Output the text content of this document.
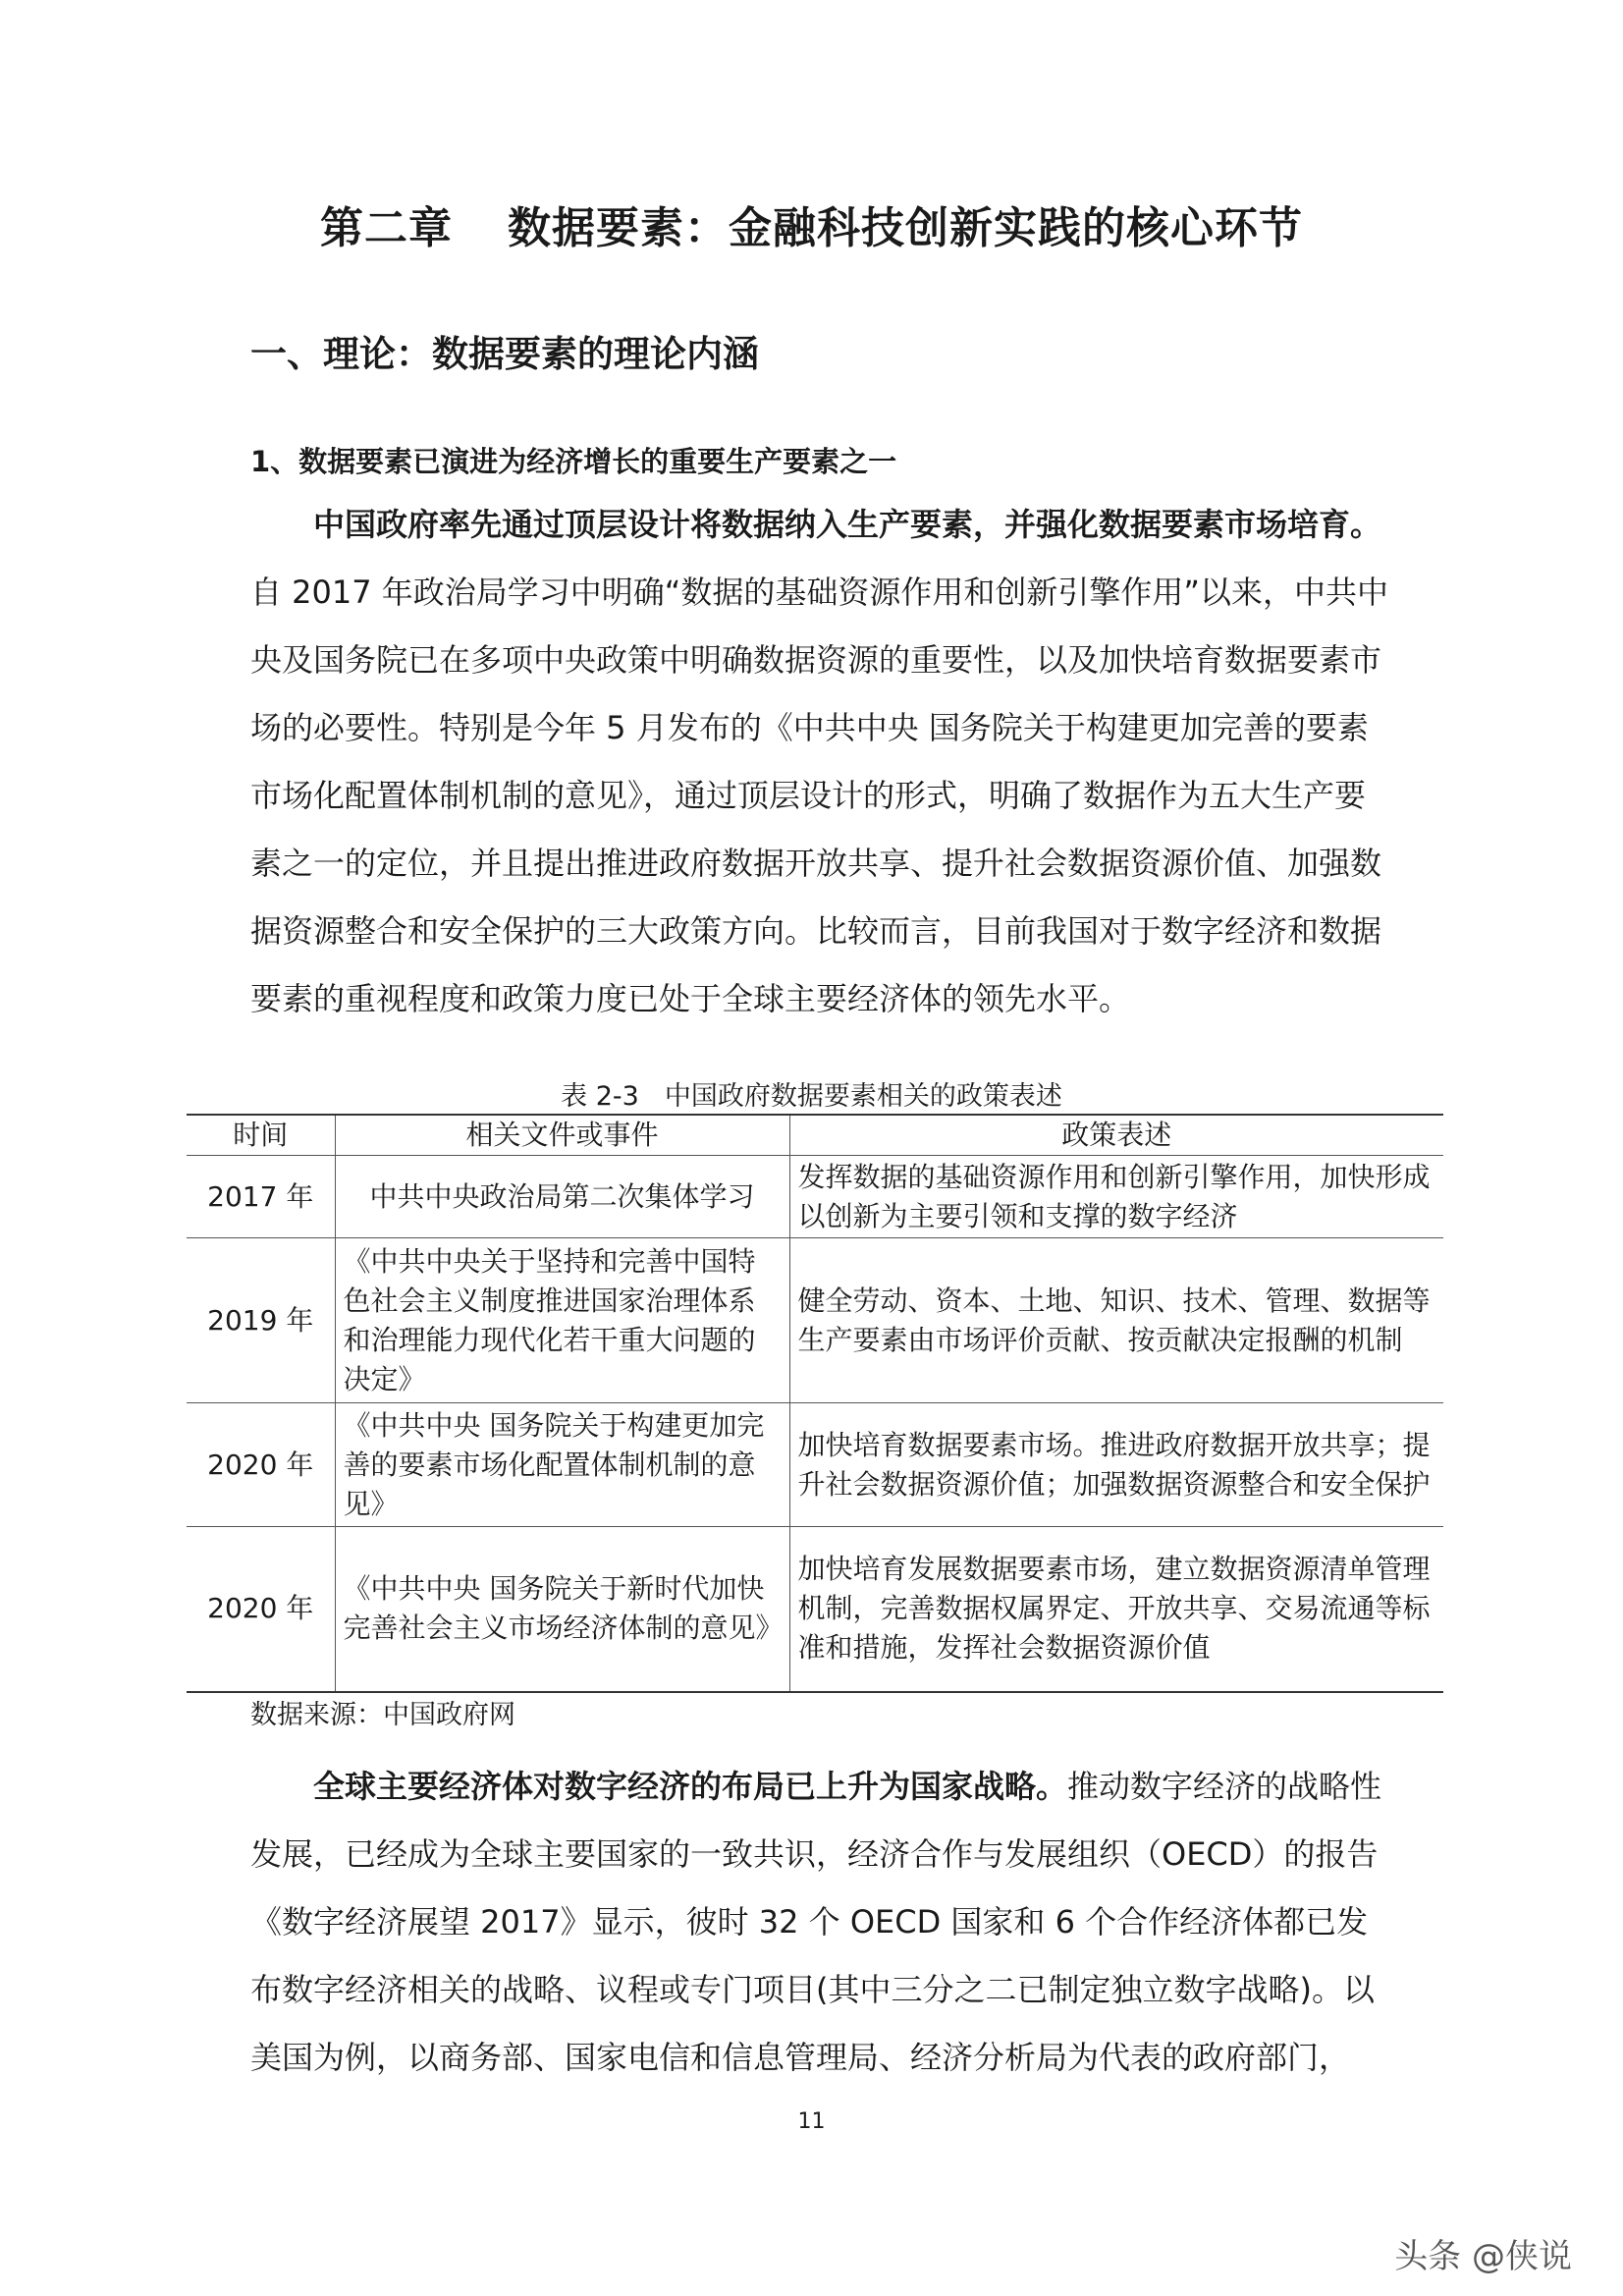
第二章 数据要素：金融科技创新实践的核心环节
一、理论：数据要素的理论内涵
1、数据要素已演进为经济增长的重要生产要素之一

中国政府率先通过顶层设计将数据纳入生产要素，并强化数据要素市场培育。自 2017 年政治局学习中明确“数据的基础资源作用和创新引擎作用”以来，中共中央及国务院已在多项中央政策中明确数据资源的重要性，以及加快培育数据要素市场的必要性。特别是今年 5 月发布的《中共中央 国务院关于构建更加完善的要素市场化配置体制机制的意见》，通过顶层设计的形式，明确了数据作为五大生产要素之一的定位，并且提出推进政府数据开放共享、提升社会数据资源价值、加强数据资源整合和安全保护的三大政策方向。比较而言，目前我国对于数字经济和数据要素的重视程度和政策力度已处于全球主要经济体的领先水平。

表 2-3 中国政府数据要素相关的政策表述
时间	相关文件或事件	政策表述
2017 年	中共中央政治局第二次集体学习	发挥数据的基础资源作用和创新引擎作用，加快形成以创新为主要引领和支撑的数字经济
2019 年	《中共中央关于坚持和完善中国特色社会主义制度推进国家治理体系和治理能力现代化若干重大问题的决定》	健全劳动、资本、土地、知识、技术、管理、数据等生产要素由市场评价贡献、按贡献决定报酬的机制
2020 年	《中共中央 国务院关于构建更加完善的要素市场化配置体制机制的意见》	加快培育数据要素市场。推进政府数据开放共享；提升社会数据资源价值；加强数据资源整合和安全保护
2020 年	《中共中央 国务院关于新时代加快完善社会主义市场经济体制的意见》	加快培育发展数据要素市场，建立数据资源清单管理机制，完善数据权属界定、开放共享、交易流通等标准和措施，发挥社会数据资源价值
数据来源：中国政府网

全球主要经济体对数字经济的布局已上升为国家战略。推动数字经济的战略性发展，已经成为全球主要国家的一致共识，经济合作与发展组织（OECD）的报告《数字经济展望 2017》显示，彼时 32 个 OECD 国家和 6 个合作经济体都已发布数字经济相关的战略、议程或专门项目(其中三分之二已制定独立数字战略)。以美国为例，以商务部、国家电信和信息管理局、经济分析局为代表的政府部门，

11
头条 @侠说
